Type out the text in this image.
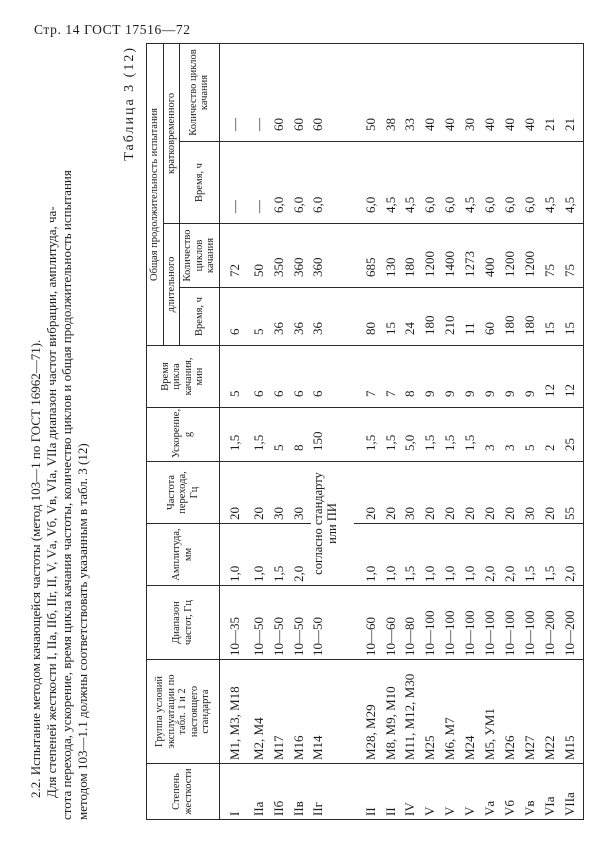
Стр. 14 ГОСТ 17516—72
2.2. Испытание методом качающейся частоты (метод 103—1 по ГОСТ 16962—71). Для степеней жесткости I, IIа, IIб, IIг, II, V, Vа, Vб, Vв, VIа, VIIа диапазон частот вибрации, амплитуда, ча- стота перехода, ускорение, время цикла качания частоты, количество циклов и общая продолжительность испытания методом 103—1.1 должны соответствовать указанным в табл. 3 (12)
Таблица 3 (12)
Степень жесткости	Группа условий эксплуатации по табл. 1 и 2 настоящего стандарта	Диапазон частот, Гц	Амплитуда, мм	Частота перехода, Гц	Ускорение, g	Время цикла качания, мин	Общая продолжительность испытания			
							длительного		кратковременного	
							Время, ч	Количество циклов качания	Время, ч	Количество циклов качания
I	М1, М3, М18	10—35	1,0	20	1,5	5	6	72	—	—
IIа	М2, М4	10—50	1,0	20	1,5	6	5	50	—	—
IIб	М17	10—50	1,5	30	5	6	36	350	6,0	60
IIв	М16	10—50	2,0	30	8	6	36	360	6,0	60
IIг	М14	10—50	согласно стандарту или ПИ		150	6	36	360	6,0	60

II	М28, М29	10—60	1,0	20	1,5	7	80	685	6,0	50
II	М8, М9, М10	10—60	1,0	20	1,5	7	15	130	4,5	38
IV	М11, М12, М30	10—80	1,5	30	5,0	8	24	180	4,5	33
V	М25	10—100	1,0	20	1,5	9	180	1200	6,0	40
V	М6, М7	10—100	1,0	20	1,5	9	210	1400	6,0	40
V	М24	10—100	1,0	20	1,5	9	11	1273	4,5	30
Vа	М5, УМ1	10—100	2,0	20	3	9	60	400	6,0	40
Vб	М26	10—100	2,0	20	3	9	180	1200	6,0	40
Vв	М27	10—100	1,5	30	5	9	180	1200	6,0	40
VIа	М22	10—200	1,5	20	2	12	15	75	4,5	21
VIIа	М15	10—200	2,0	55	25	12	15	75	4,5	21
